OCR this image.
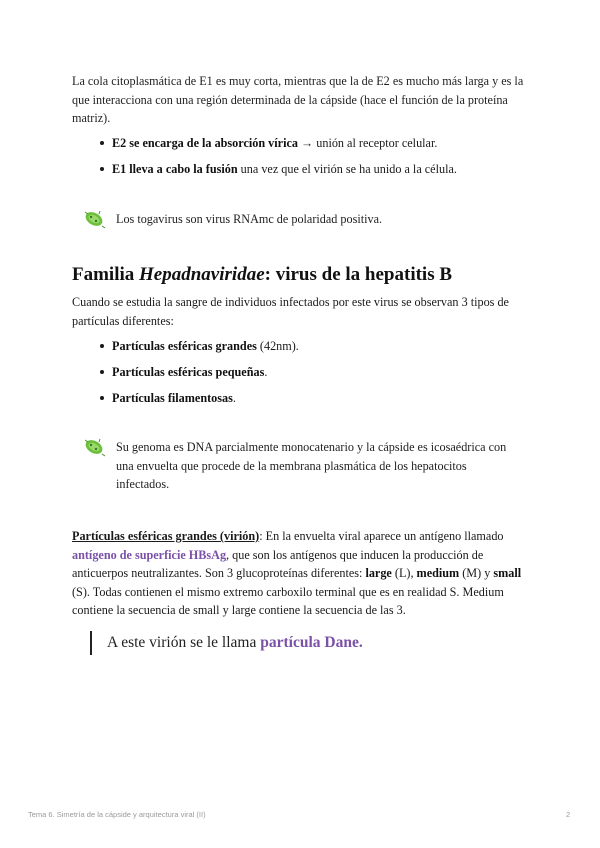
La cola citoplasmática de E1 es muy corta, mientras que la de E2 es mucho más larga y es la que interacciona con una región determinada de la cápside (hace el función de la proteína matriz).

E2 se encarga de la absorción vírica → unión al receptor celular.
E1 lleva a cabo la fusión una vez que el virión se ha unido a la célula.

Los togavirus son virus RNAmc de polaridad positiva.

Familia Hepadnaviridae: virus de la hepatitis B

Cuando se estudia la sangre de individuos infectados por este virus se observan 3 tipos de partículas diferentes:

Partículas esféricas grandes (42nm).
Partículas esféricas pequeñas.
Partículas filamentosas.

Su genoma es DNA parcialmente monocatenario y la cápside es icosaédrica con una envuelta que procede de la membrana plasmática de los hepatocitos infectados.

Partículas esféricas grandes (virión): En la envuelta viral aparece un antígeno llamado antígeno de superficie HBsAg, que son los antígenos que inducen la producción de anticuerpos neutralizantes. Son 3 glucoproteínas diferentes: large (L), medium (M) y small (S). Todas contienen el mismo extremo carboxilo terminal que es en realidad S. Medium contiene la secuencia de small y large contiene la secuencia de las 3.

A este virión se le llama partícula Dane.
Tema 6. Simetría de la cápside y arquitectura viral (II)	2
